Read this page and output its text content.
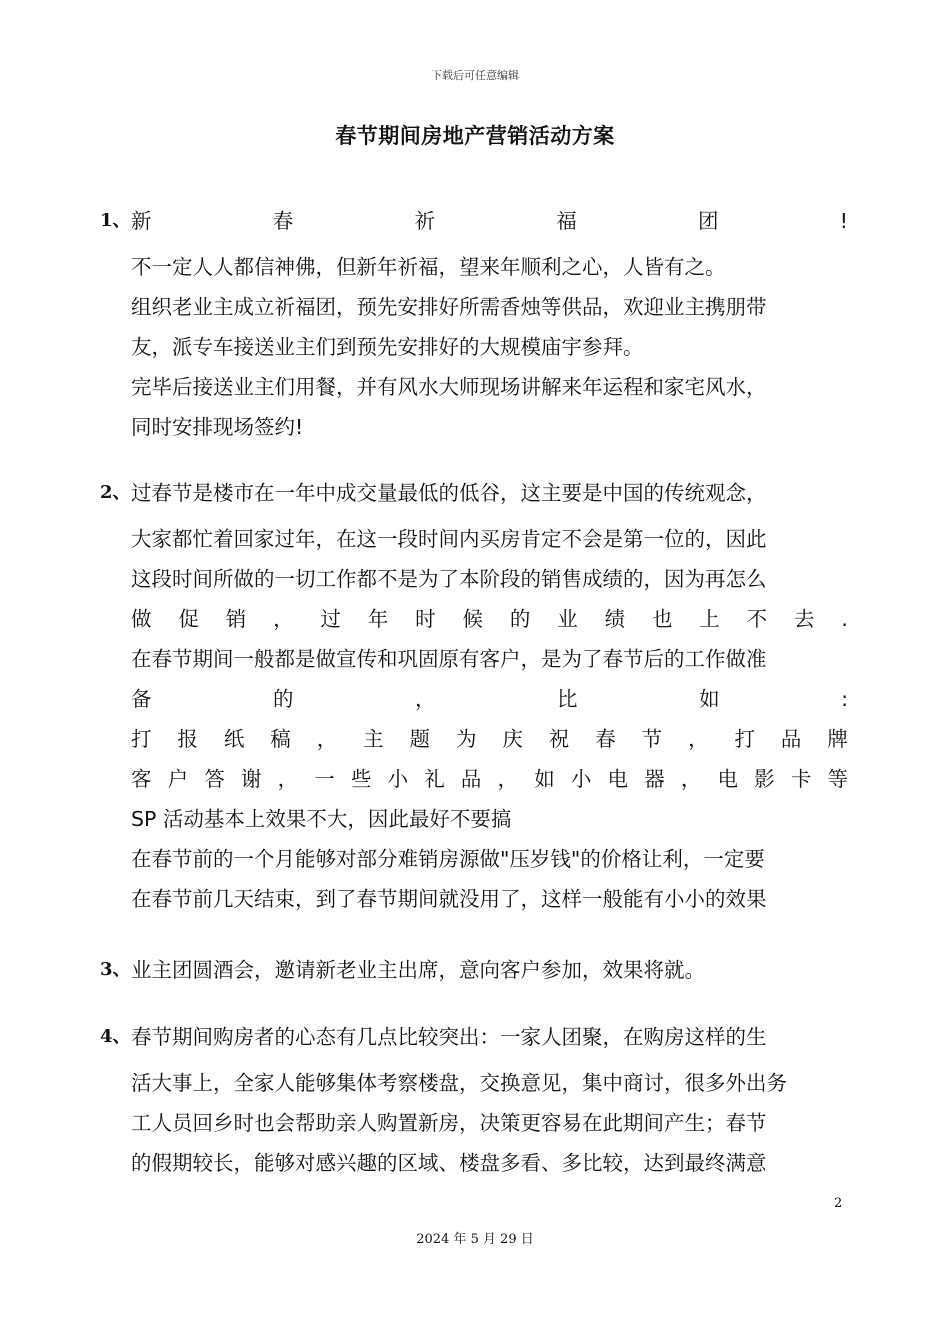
下载后可任意编辑
春节期间房地产营销活动方案
1、 新	春	祈	福	团	!
不一定人人都信神佛，但新年祈福，望来年顺利之心，人皆有之。
组织老业主成立祈福团，预先安排好所需香烛等供品，欢迎业主携朋带
友，派专车接送业主们到预先安排好的大规模庙宇参拜。
完毕后接送业主们用餐，并有风水大师现场讲解来年运程和家宅风水，
同时安排现场签约!
2、 过春节是楼市在一年中成交量最低的低谷，这主要是中国的传统观念，
大家都忙着回家过年，在这一段时间内买房肯定不会是第一位的，因此
这段时间所做的一切工作都不是为了本阶段的销售成绩的，因为再怎么
做 促 销 ， 过 年 时 候 的 业 绩 也 上 不 去 .
在春节期间一般都是做宣传和巩固原有客户，是为了春节后的工作做准
备	的	，	比	如	:
打 报 纸 稿 ， 主 题 为 庆 祝 春 节 ， 打 品 牌
客 户 答 谢 ， 一 些 小 礼 品 ， 如 小 电 器 ， 电 影 卡 等
SP 活动基本上效果不大，因此最好不要搞
在春节前的一个月能够对部分难销房源做"压岁钱"的价格让利，一定要
在春节前几天结束，到了春节期间就没用了，这样一般能有小小的效果
3、 业主团圆酒会，邀请新老业主出席，意向客户参加，效果将就。
4、 春节期间购房者的心态有几点比较突出：一家人团聚，在购房这样的生
活大事上，全家人能够集体考察楼盘，交换意见，集中商讨，很多外出务
工人员回乡时也会帮助亲人购置新房，决策更容易在此期间产生；春节
的假期较长，能够对感兴趣的区域、楼盘多看、多比较，达到最终满意
2
2024 年 5 月 29 日
